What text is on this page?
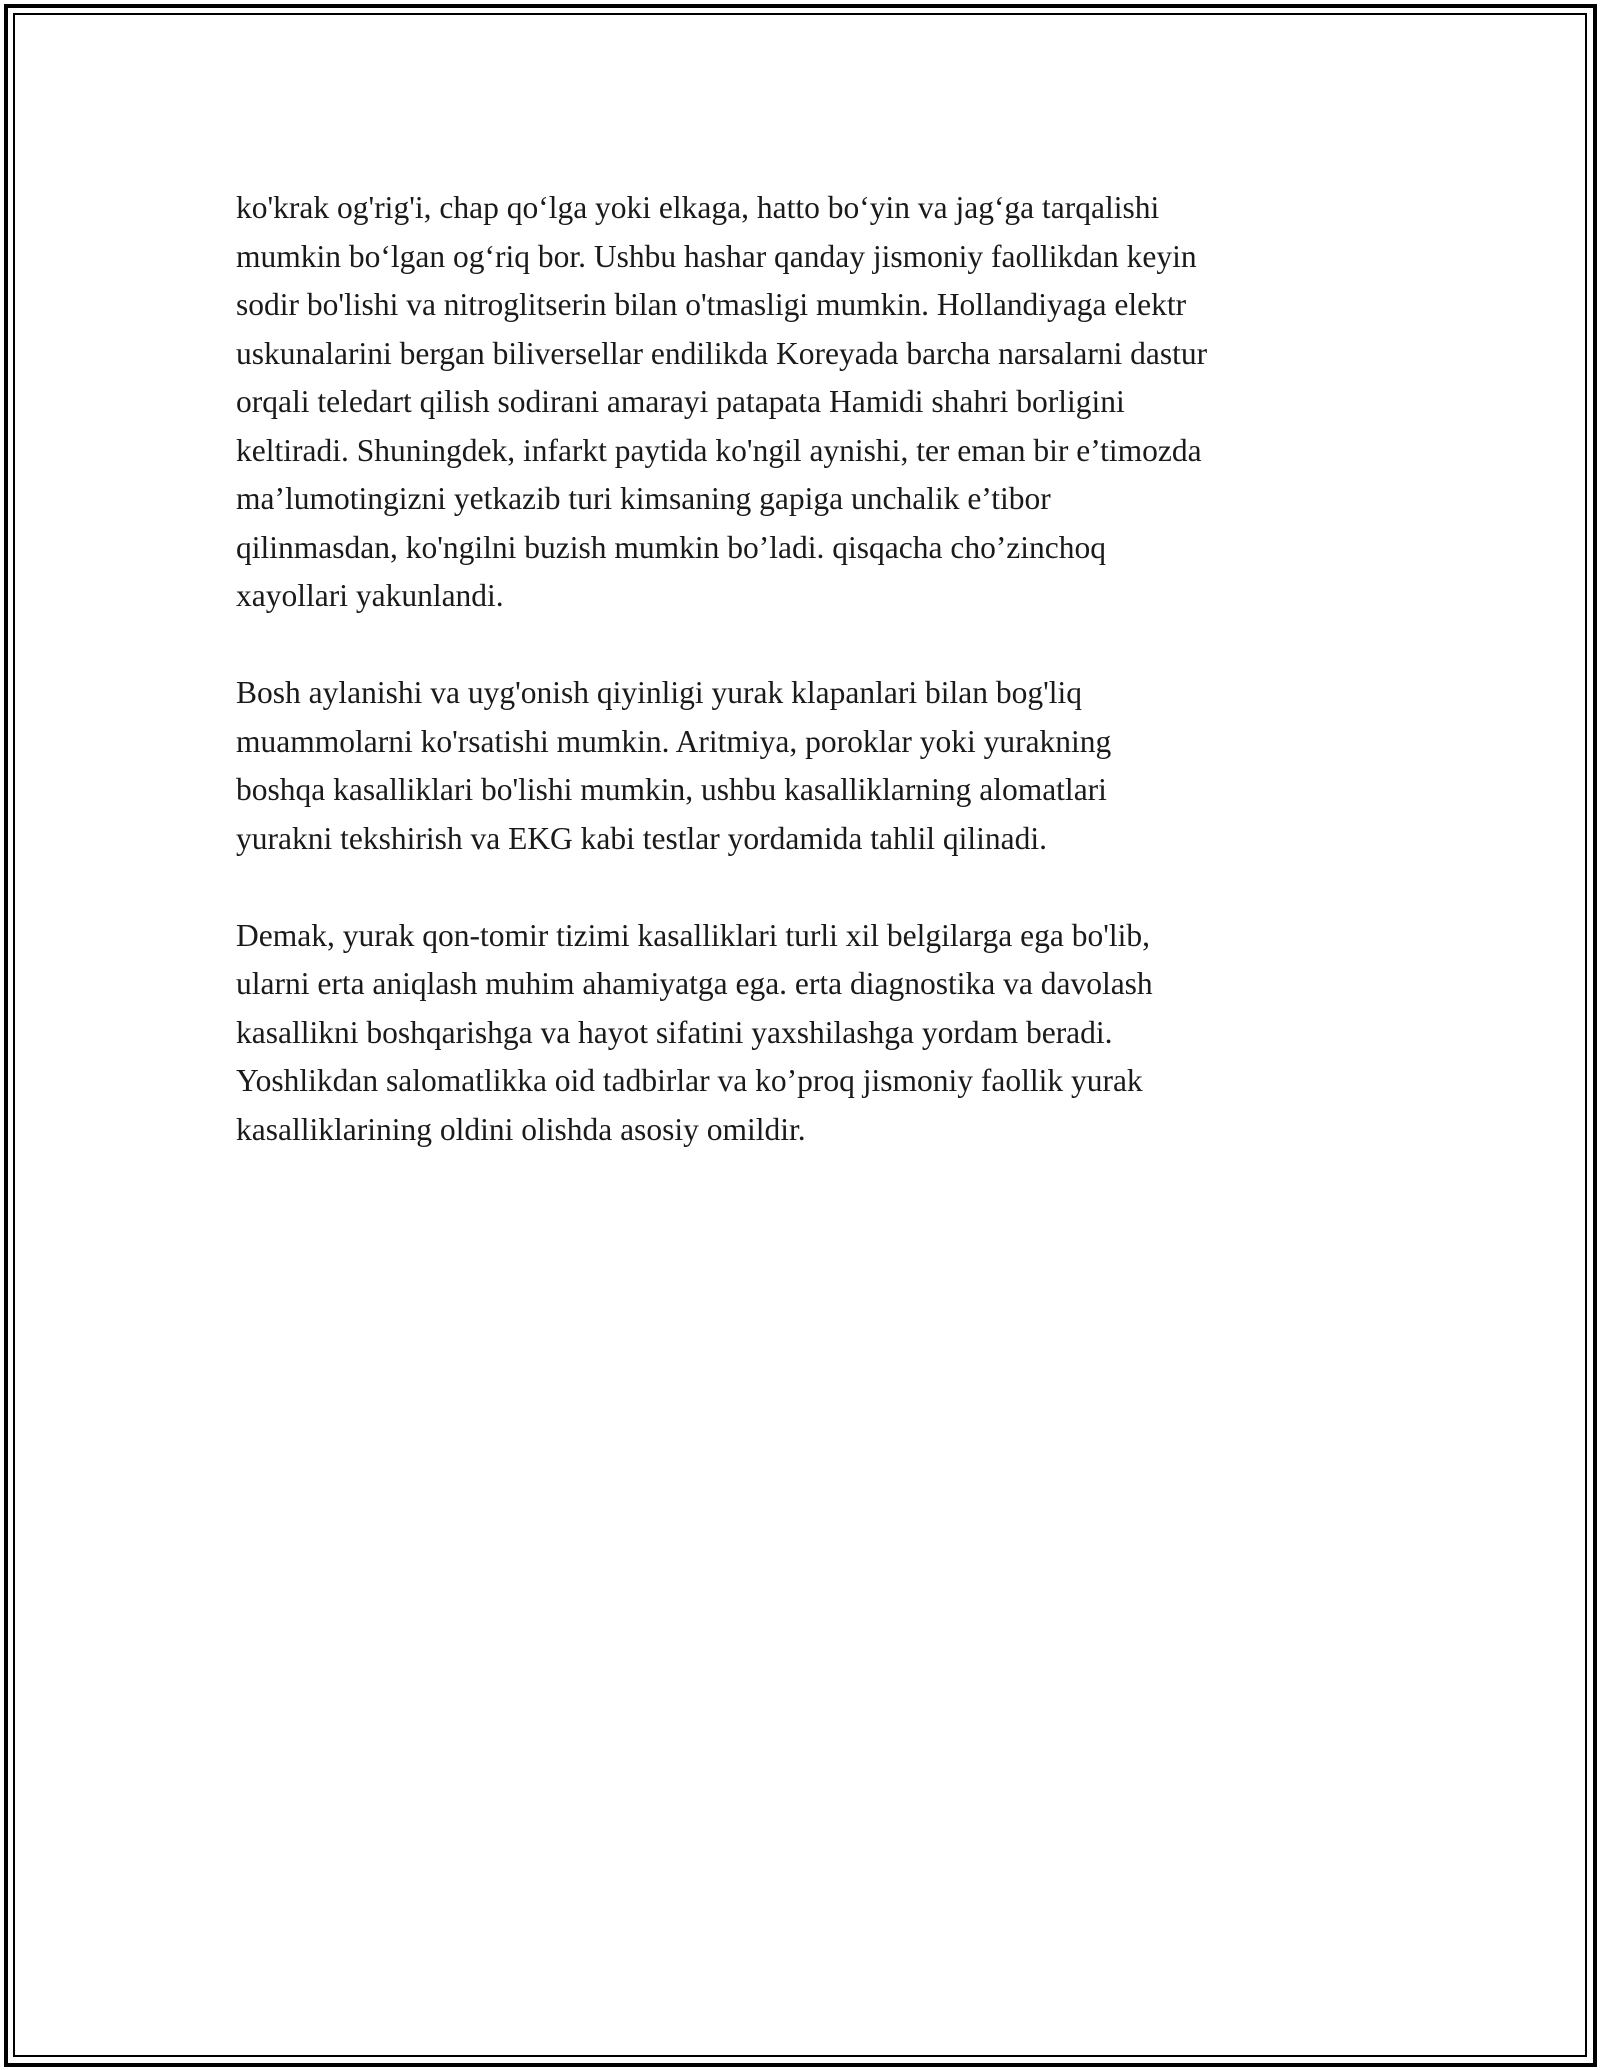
ko'krak og'rig'i, chap qo‘lga yoki elkaga, hatto bo‘yin va jag‘ga tarqalishi
mumkin bo‘lgan og‘riq bor. Ushbu hashar qanday jismoniy faollikdan keyin
sodir bo'lishi va nitroglitserin bilan o'tmasligi mumkin. Hollandiyaga elektr
uskunalarini bergan biliversellar endilikda Koreyada barcha narsalarni dastur
orqali teledart qilish sodirani amarayi patapata Hamidi shahri borligini
keltiradi. Shuningdek, infarkt paytida ko'ngil aynishi, ter eman bir e’timozda
ma’lumotingizni yetkazib turi kimsaning gapiga unchalik e’tibor
qilinmasdan, ko'ngilni buzish mumkin bo’ladi. qisqacha cho’zinchoq
xayollari yakunlandi.

Bosh aylanishi va uyg'onish qiyinligi yurak klapanlari bilan bog'liq
muammolarni ko'rsatishi mumkin. Aritmiya, poroklar yoki yurakning
boshqa kasalliklari bo'lishi mumkin, ushbu kasalliklarning alomatlari
yurakni tekshirish va EKG kabi testlar yordamida tahlil qilinadi.

Demak, yurak qon-tomir tizimi kasalliklari turli xil belgilarga ega bo'lib,
ularni erta aniqlash muhim ahamiyatga ega. erta diagnostika va davolash
kasallikni boshqarishga va hayot sifatini yaxshilashga yordam beradi.
Yoshlikdan salomatlikka oid tadbirlar va ko’proq jismoniy faollik yurak
kasalliklarining oldini olishda asosiy omildir.
